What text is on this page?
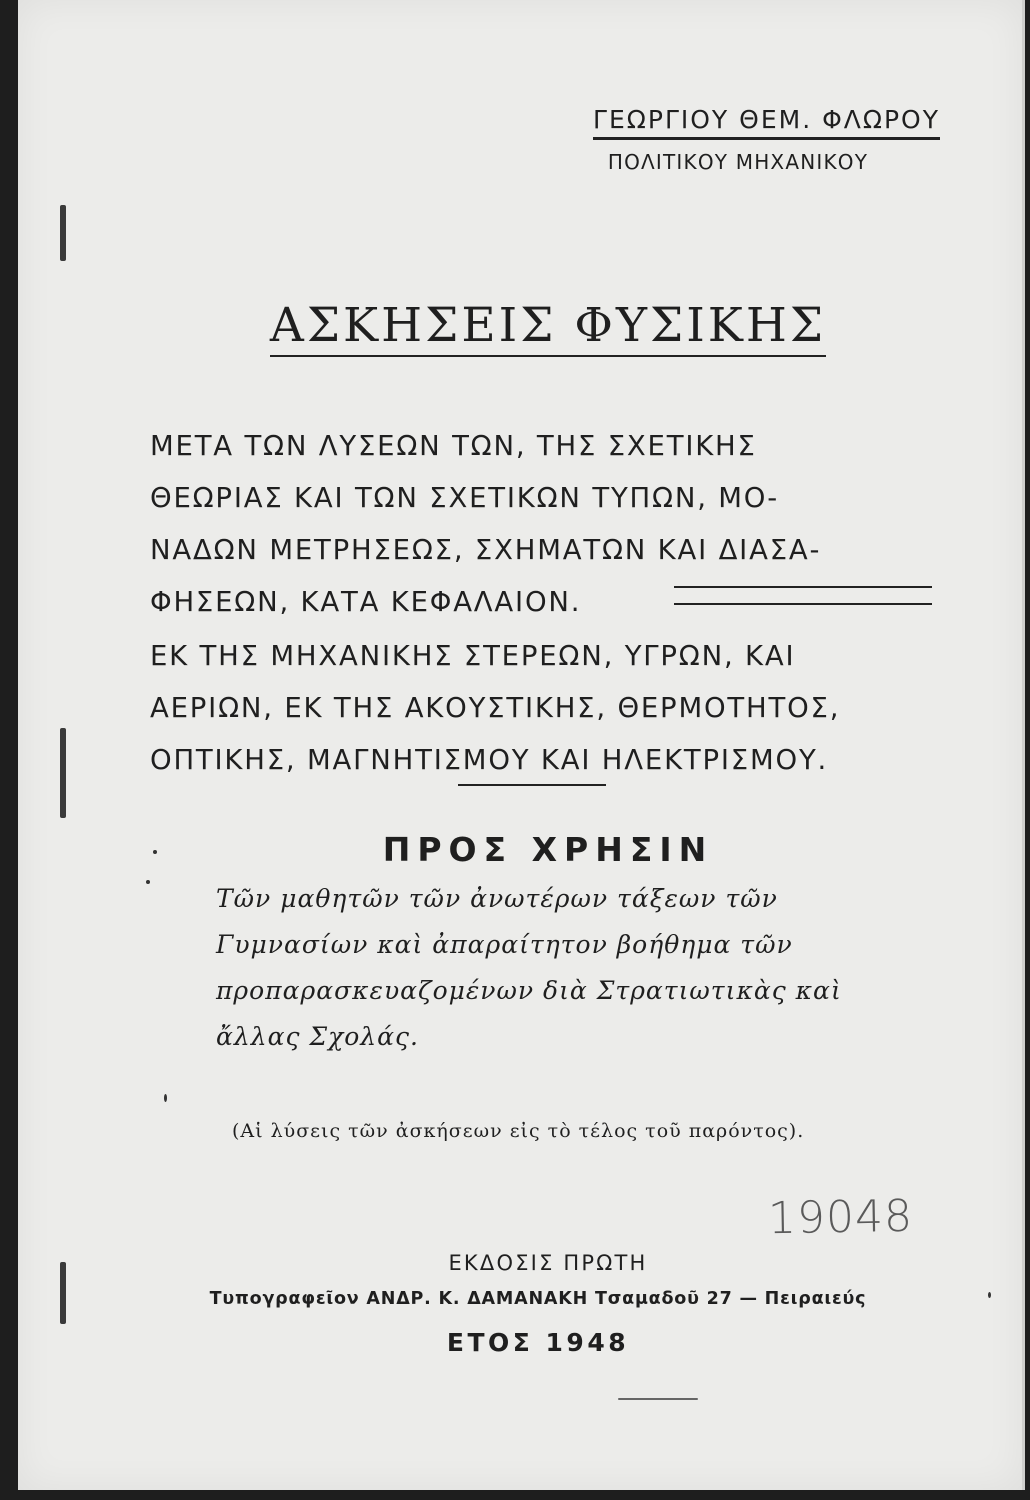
ΓΕΩΡΓΙΟΥ ΘΕΜ. ΦΛΩΡΟΥ
ΠΟΛΙΤΙΚΟΥ ΜΗΧΑΝΙΚΟΥ
ΑΣΚΗΣΕΙΣ ΦΥΣΙΚΗΣ
ΜΕΤΑ ΤΩΝ ΛΥΣΕΩΝ ΤΩΝ, ΤΗΣ ΣΧΕΤΙΚΗΣ
ΘΕΩΡΙΑΣ ΚΑΙ ΤΩΝ ΣΧΕΤΙΚΩΝ ΤΥΠΩΝ, ΜΟ-
ΝΑΔΩΝ ΜΕΤΡΗΣΕΩΣ, ΣΧΗΜΑΤΩΝ ΚΑΙ ΔΙΑΣΑ-
ΦΗΣΕΩΝ, ΚΑΤΑ ΚΕΦΑΛΑΙΟΝ.
ΕΚ ΤΗΣ ΜΗΧΑΝΙΚΗΣ ΣΤΕΡΕΩΝ, ΥΓΡΩΝ, ΚΑΙ
ΑΕΡΙΩΝ, ΕΚ ΤΗΣ ΑΚΟΥΣΤΙΚΗΣ, ΘΕΡΜΟΤΗΤΟΣ,
ΟΠΤΙΚΗΣ, ΜΑΓΝΗΤΙΣΜΟΥ ΚΑΙ ΗΛΕΚΤΡΙΣΜΟΥ.
ΠΡΟΣ ΧΡΗΣΙΝ
Τῶν μαθητῶν τῶν ἀνωτέρων τάξεων τῶν
Γυμνασίων καὶ ἀπαραίτητον βοήθημα τῶν
προπαρασκευαζομένων διὰ Στρατιωτικὰς καὶ
ἄλλας Σχολάς.
(Αἱ λύσεις τῶν ἀσκήσεων εἰς τὸ τέλος τοῦ παρόντος).
19048
ΕΚΔΟΣΙΣ ΠΡΩΤΗ
Τυπογραφεῖον ΑΝΔΡ. Κ. ΔΑΜΑΝΑΚΗ Τσαμαδοῦ 27 — Πειραιεύς
ΕΤΟΣ 1948
